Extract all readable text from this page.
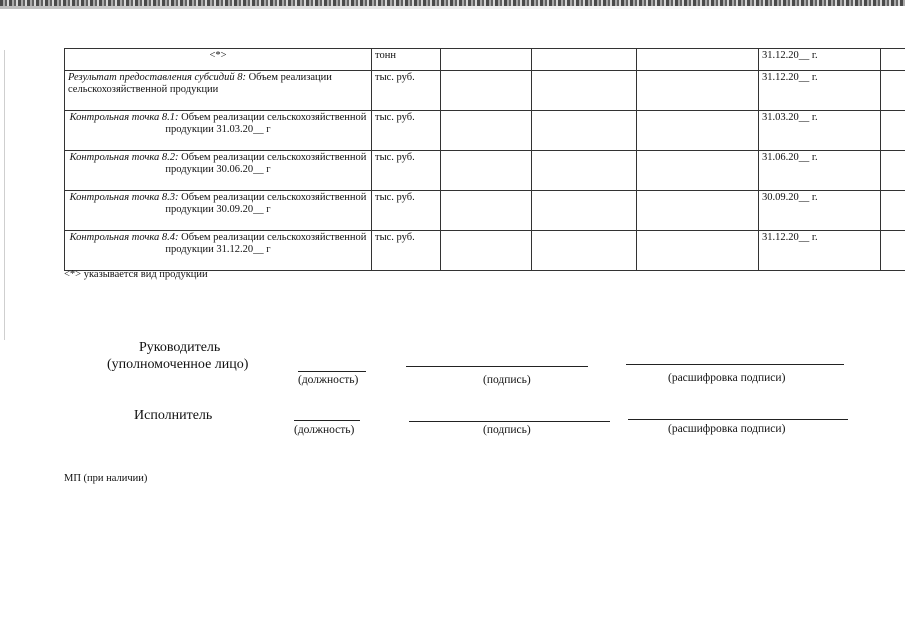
<*>	тонн				31.12.20__ г.	
Результат предоставления субсидий 8: Объем реализации сельскохозяйственной продукции	тыс. руб.				31.12.20__ г.	
Контрольная точка 8.1: Объем реализации сельскохозяйственной продукции 31.03.20__ г	тыс. руб.				31.03.20__ г.	
Контрольная точка 8.2: Объем реализации сельскохозяйственной продукции 30.06.20__ г	тыс. руб.				31.06.20__ г.	
Контрольная точка 8.3: Объем реализации сельскохозяйственной продукции 30.09.20__ г	тыс. руб.				30.09.20__ г.	
Контрольная точка 8.4: Объем реализации сельскохозяйственной продукции 31.12.20__ г	тыс. руб.				31.12.20__ г.	
<*> указывается вид продукции
Руководитель
(уполномоченное лицо)
(должность)	(подпись)	(расшифровка подписи)
Исполнитель
(должность)	(подпись)	(расшифровка подписи)
МП (при наличии)
